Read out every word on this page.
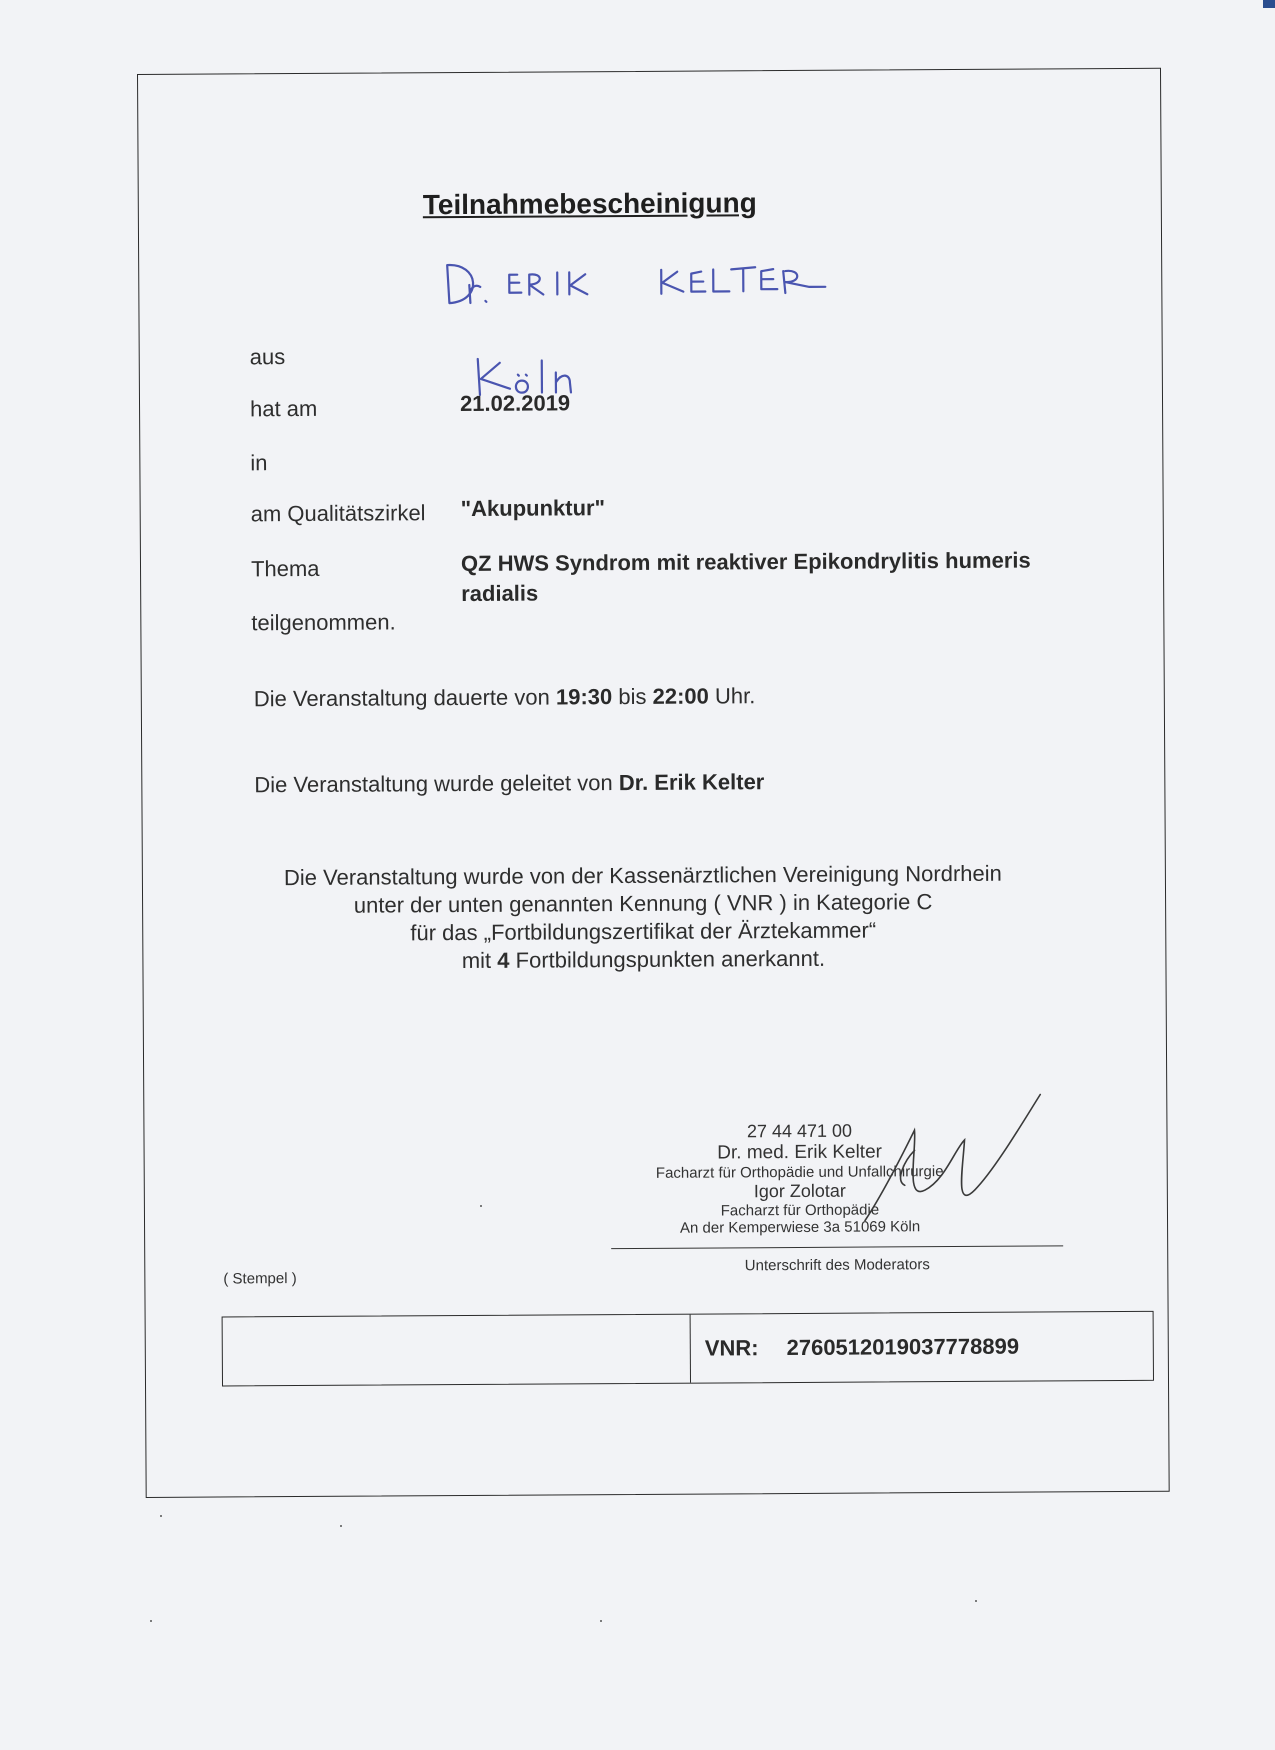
Teilnahmebescheinigung
aus
hat am	21.02.2019
in
am Qualitätszirkel "Akupunktur"
Thema	QZ HWS Syndrom mit reaktiver Epikondrylitis humeris
radialis
teilgenommen.
Die Veranstaltung dauerte von 19:30 bis 22:00 Uhr.
Die Veranstaltung wurde geleitet von Dr. Erik Kelter
Die Veranstaltung wurde von der Kassenärztlichen Vereinigung Nordrhein
unter der unten genannten Kennung ( VNR ) in Kategorie C
für das „Fortbildungszertifikat der Ärztekammer“
mit 4 Fortbildungspunkten anerkannt.
27 44 471 00
Dr. med. Erik Kelter
Facharzt für Orthopädie und Unfallchirurgie
Igor Zolotar
Facharzt für Orthopädie
An der Kemperwiese 3a 51069 Köln
Unterschrift des Moderators
( Stempel )
VNR: 2760512019037778899
